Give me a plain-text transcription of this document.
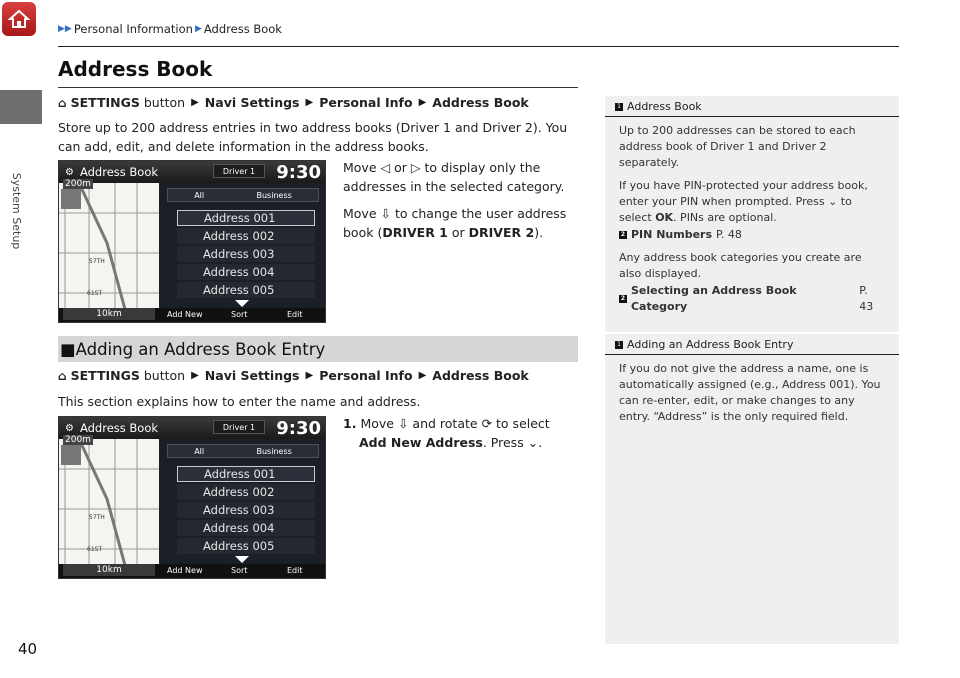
System Setup
40
▶▶ Personal Information ▶ Address Book
Address Book
⌂ SETTINGS button ▶ Navi Settings ▶ Personal Info ▶ Address Book
Store up to 200 address entries in two address books (Driver 1 and Driver 2). You can add, edit, and delete information in the address books.
⚙ Address Book	Driver 1	9:30
57TH
61ST
200m
All	Business
Address 001
Address 002
Address 003
Address 004
Address 005
10km	Add New	Sort	Edit
Move ◁ or ▷ to display only the
addresses in the selected category.
Move ⇩ to change the user address
book (DRIVER 1 or DRIVER 2).
■ Adding an Address Book Entry
⌂ SETTINGS button ▶ Navi Settings ▶ Personal Info ▶ Address Book
This section explains how to enter the name and address.
⚙ Address Book	Driver 1	9:30
57TH
61ST
200m
All	Business
Address 001
Address 002
Address 003
Address 004
Address 005
10km	Add New	Sort	Edit
1. Move ⇩ and rotate ⟳ to select
Add New Address. Press ⌄.
1 Address Book

Up to 200 addresses can be stored to each address book of Driver 1 and Driver 2 separately.

If you have PIN-protected your address book, enter your PIN when prompted. Press ⌄ to select OK. PINs are optional.

2 PIN Numbers P. 48

Any address book categories you create are also displayed.

2
Selecting an Address Book Category
P. 43
1 Adding an Address Book Entry

If you do not give the address a name, one is automatically assigned (e.g., Address 001). You can re-enter, edit, or make changes to any entry. “Address” is the only required field.
